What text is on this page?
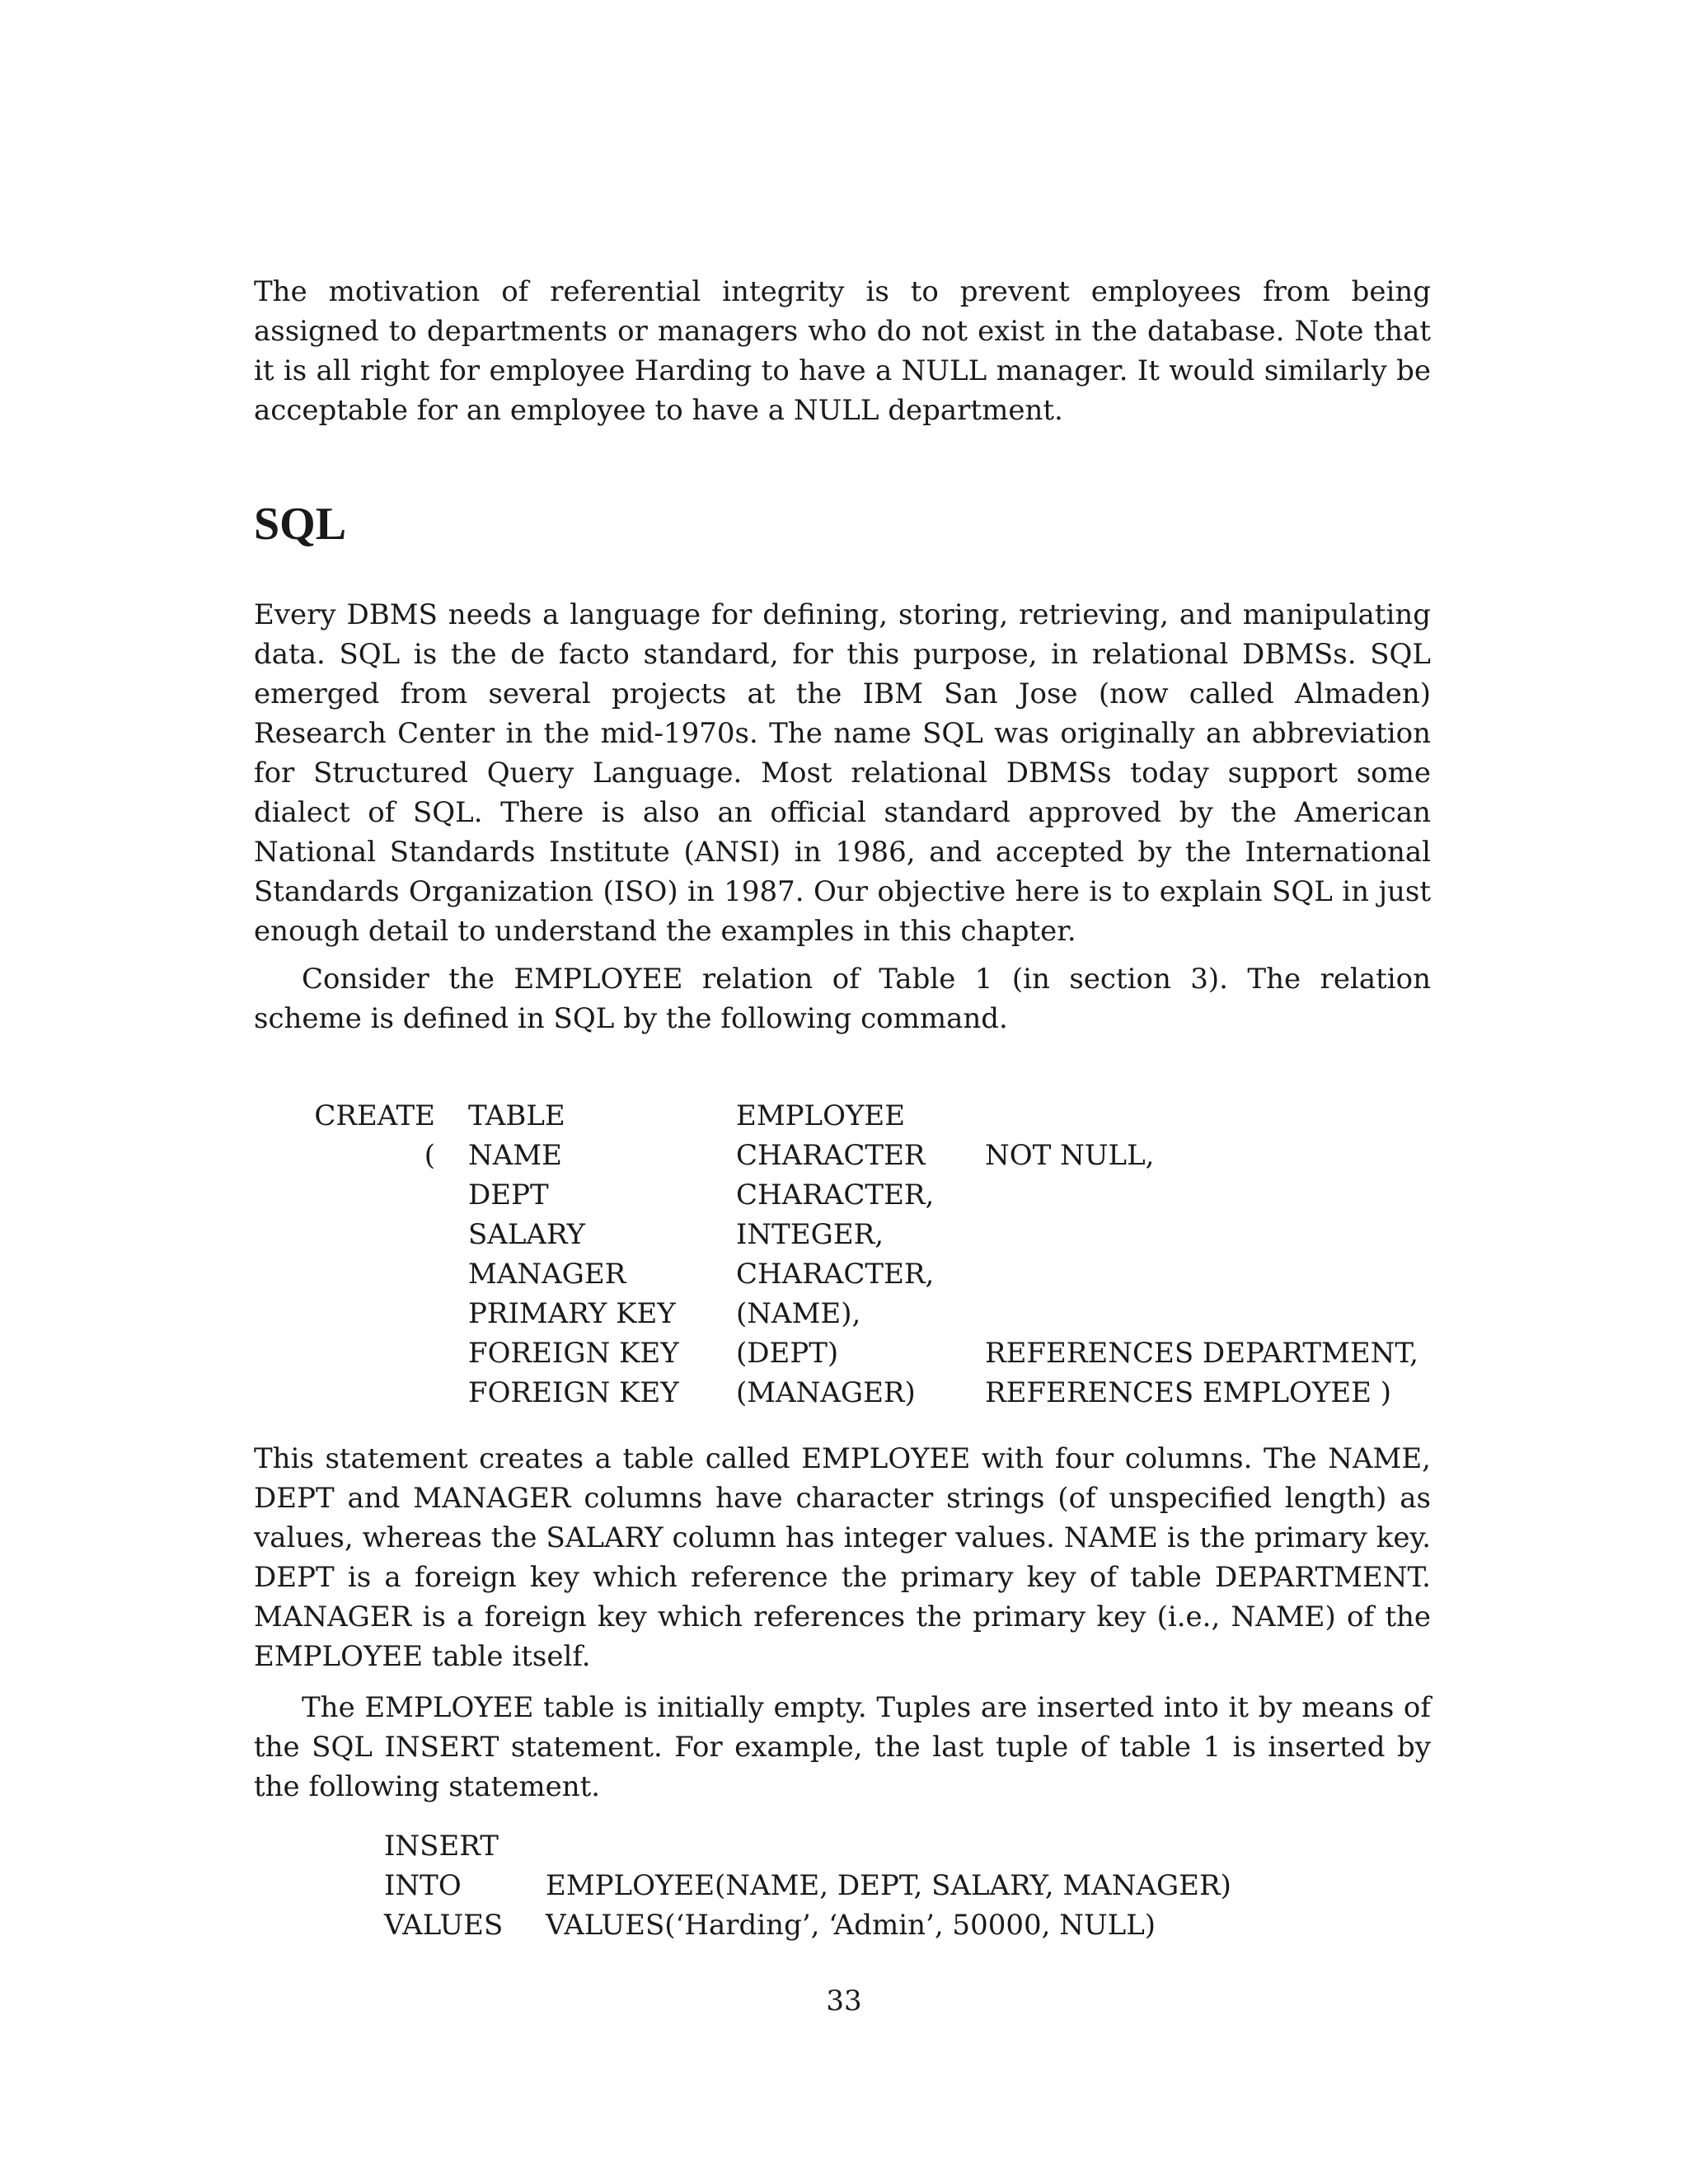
The motivation of referential integrity is to prevent employees from being assigned to departments or managers who do not exist in the database. Note that it is all right for employee Harding to have a NULL manager. It would similarly be acceptable for an employee to have a NULL department.

SQL

Every DBMS needs a language for defining, storing, retrieving, and manipulating data. SQL is the de facto standard, for this purpose, in relational DBMSs. SQL emerged from several projects at the IBM San Jose (now called Almaden) Research Center in the mid-1970s. The name SQL was originally an abbreviation for Structured Query Language. Most relational DBMSs today support some dialect of SQL. There is also an official standard approved by the American National Standards Institute (ANSI) in 1986, and accepted by the International Standards Organization (ISO) in 1987. Our objective here is to explain SQL in just enough detail to understand the examples in this chapter.

Consider the EMPLOYEE relation of Table 1 (in section 3). The relation scheme is defined in SQL by the following command.

CREATE	TABLE	EMPLOYEE	
(	NAME	CHARACTER	NOT NULL,
	DEPT	CHARACTER,	
	SALARY	INTEGER,	
	MANAGER	CHARACTER,	
	PRIMARY KEY	(NAME),	
	FOREIGN KEY	(DEPT)	REFERENCES DEPARTMENT,
	FOREIGN KEY	(MANAGER)	REFERENCES EMPLOYEE )

This statement creates a table called EMPLOYEE with four columns. The NAME, DEPT and MANAGER columns have character strings (of unspecified length) as values, whereas the SALARY column has integer values. NAME is the primary key. DEPT is a foreign key which reference the primary key of table DEPARTMENT. MANAGER is a foreign key which references the primary key (i.e., NAME) of the EMPLOYEE table itself.

The EMPLOYEE table is initially empty. Tuples are inserted into it by means of the SQL INSERT statement. For example, the last tuple of table 1 is inserted by the following statement.

INSERT	
INTO	EMPLOYEE(NAME, DEPT, SALARY, MANAGER)
VALUES	VALUES(‘Harding’, ‘Admin’, 50000, NULL)
33
